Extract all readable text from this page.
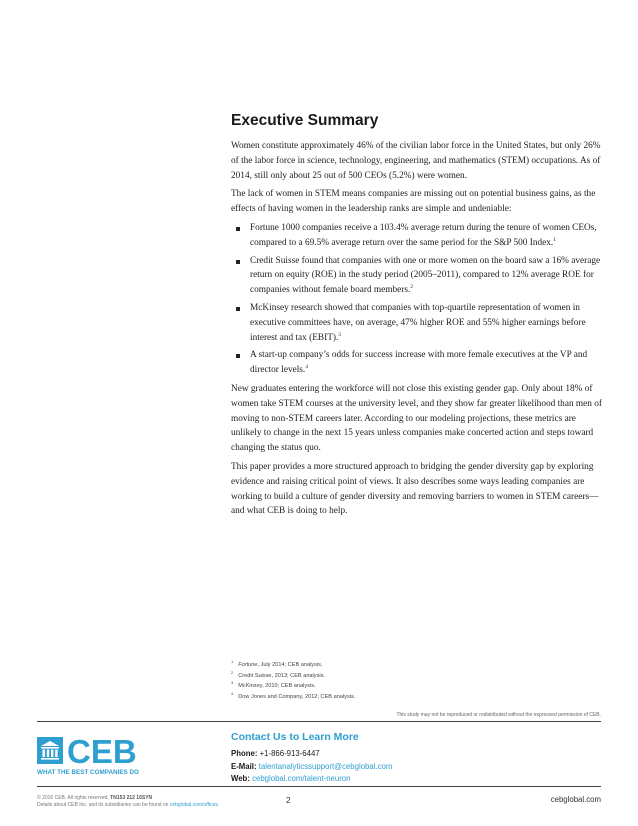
Executive Summary

Women constitute approximately 46% of the civilian labor force in the United States, but only 26% of the labor force in science, technology, engineering, and mathematics (STEM) occupations. As of 2014, still only about 25 out of 500 CEOs (5.2%) were women.

The lack of women in STEM means companies are missing out on potential business gains, as the effects of having women in the leadership ranks are simple and undeniable:

Fortune 1000 companies receive a 103.4% average return during the tenure of women CEOs, compared to a 69.5% average return over the same period for the S&P 500 Index.$^1$
Credit Suisse found that companies with one or more women on the board saw a 16% average return on equity (ROE) in the study period (2005–2011), compared to 12% average ROE for companies without female board members.$^2$
McKinsey research showed that companies with top-quartile representation of women in executive committees have, on average, 47% higher ROE and 55% higher earnings before interest and tax (EBIT).$^3$
A start-up company’s odds for success increase with more female executives at the VP and director levels.$^4$

New graduates entering the workforce will not close this existing gender gap. Only about 18% of women take STEM courses at the university level, and they show far greater likelihood than men of moving to non-STEM careers later. According to our modeling projections, these metrics are unlikely to change in the next 15 years unless companies make concerted action and steps toward changing the status quo.

This paper provides a more structured approach to bridging the gender diversity gap by exploring evidence and raising critical point of views. It also describes some ways leading companies are working to build a culture of gender diversity and removing barriers to women in STEM careers—and what CEB is doing to help.

$^1$Fortune, July 2014; CEB analysis.
$^2$Credit Suisse, 2013; CEB analysis.
$^3$McKinsey, 2010; CEB analysis.
$^4$Dow Jones and Company, 2012; CEB analysis.
This study may not be reproduced or redistributed without the expressed permission of CEB.
CEB
WHAT THE BEST COMPANIES DO
Contact Us to Learn More
Phone: +1-866-913-6447
E-Mail: talentanalyticssupport@cebglobal.com
Web: cebglobal.com/talent-neuron
© 2016 CEB. All rights reserved. TN153 212 16SYN
Details about CEB Inc. and its subsidiaries can be found on cebglobal.com/offices.	2	cebglobal.com
